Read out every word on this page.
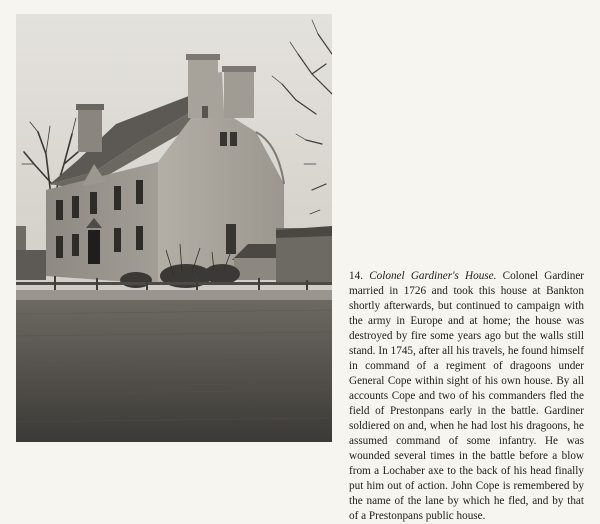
14. Colonel Gardiner's House. Colonel Gardiner married in 1726 and took this house at Bankton shortly afterwards, but continued to campaign with the army in Europe and at home; the house was destroyed by fire some years ago but the walls still stand. In 1745, after all his travels, he found himself in command of a regiment of dragoons under General Cope within sight of his own house. By all accounts Cope and two of his commanders fled the field of Prestonpans early in the battle. Gardiner soldiered on and, when he had lost his dragoons, he assumed command of some infantry. He was wounded several times in the battle before a blow from a Lochaber axe to the back of his head finally put him out of action. John Cope is remembered by the name of the lane by which he fled, and by that of a Prestonpans public house.
